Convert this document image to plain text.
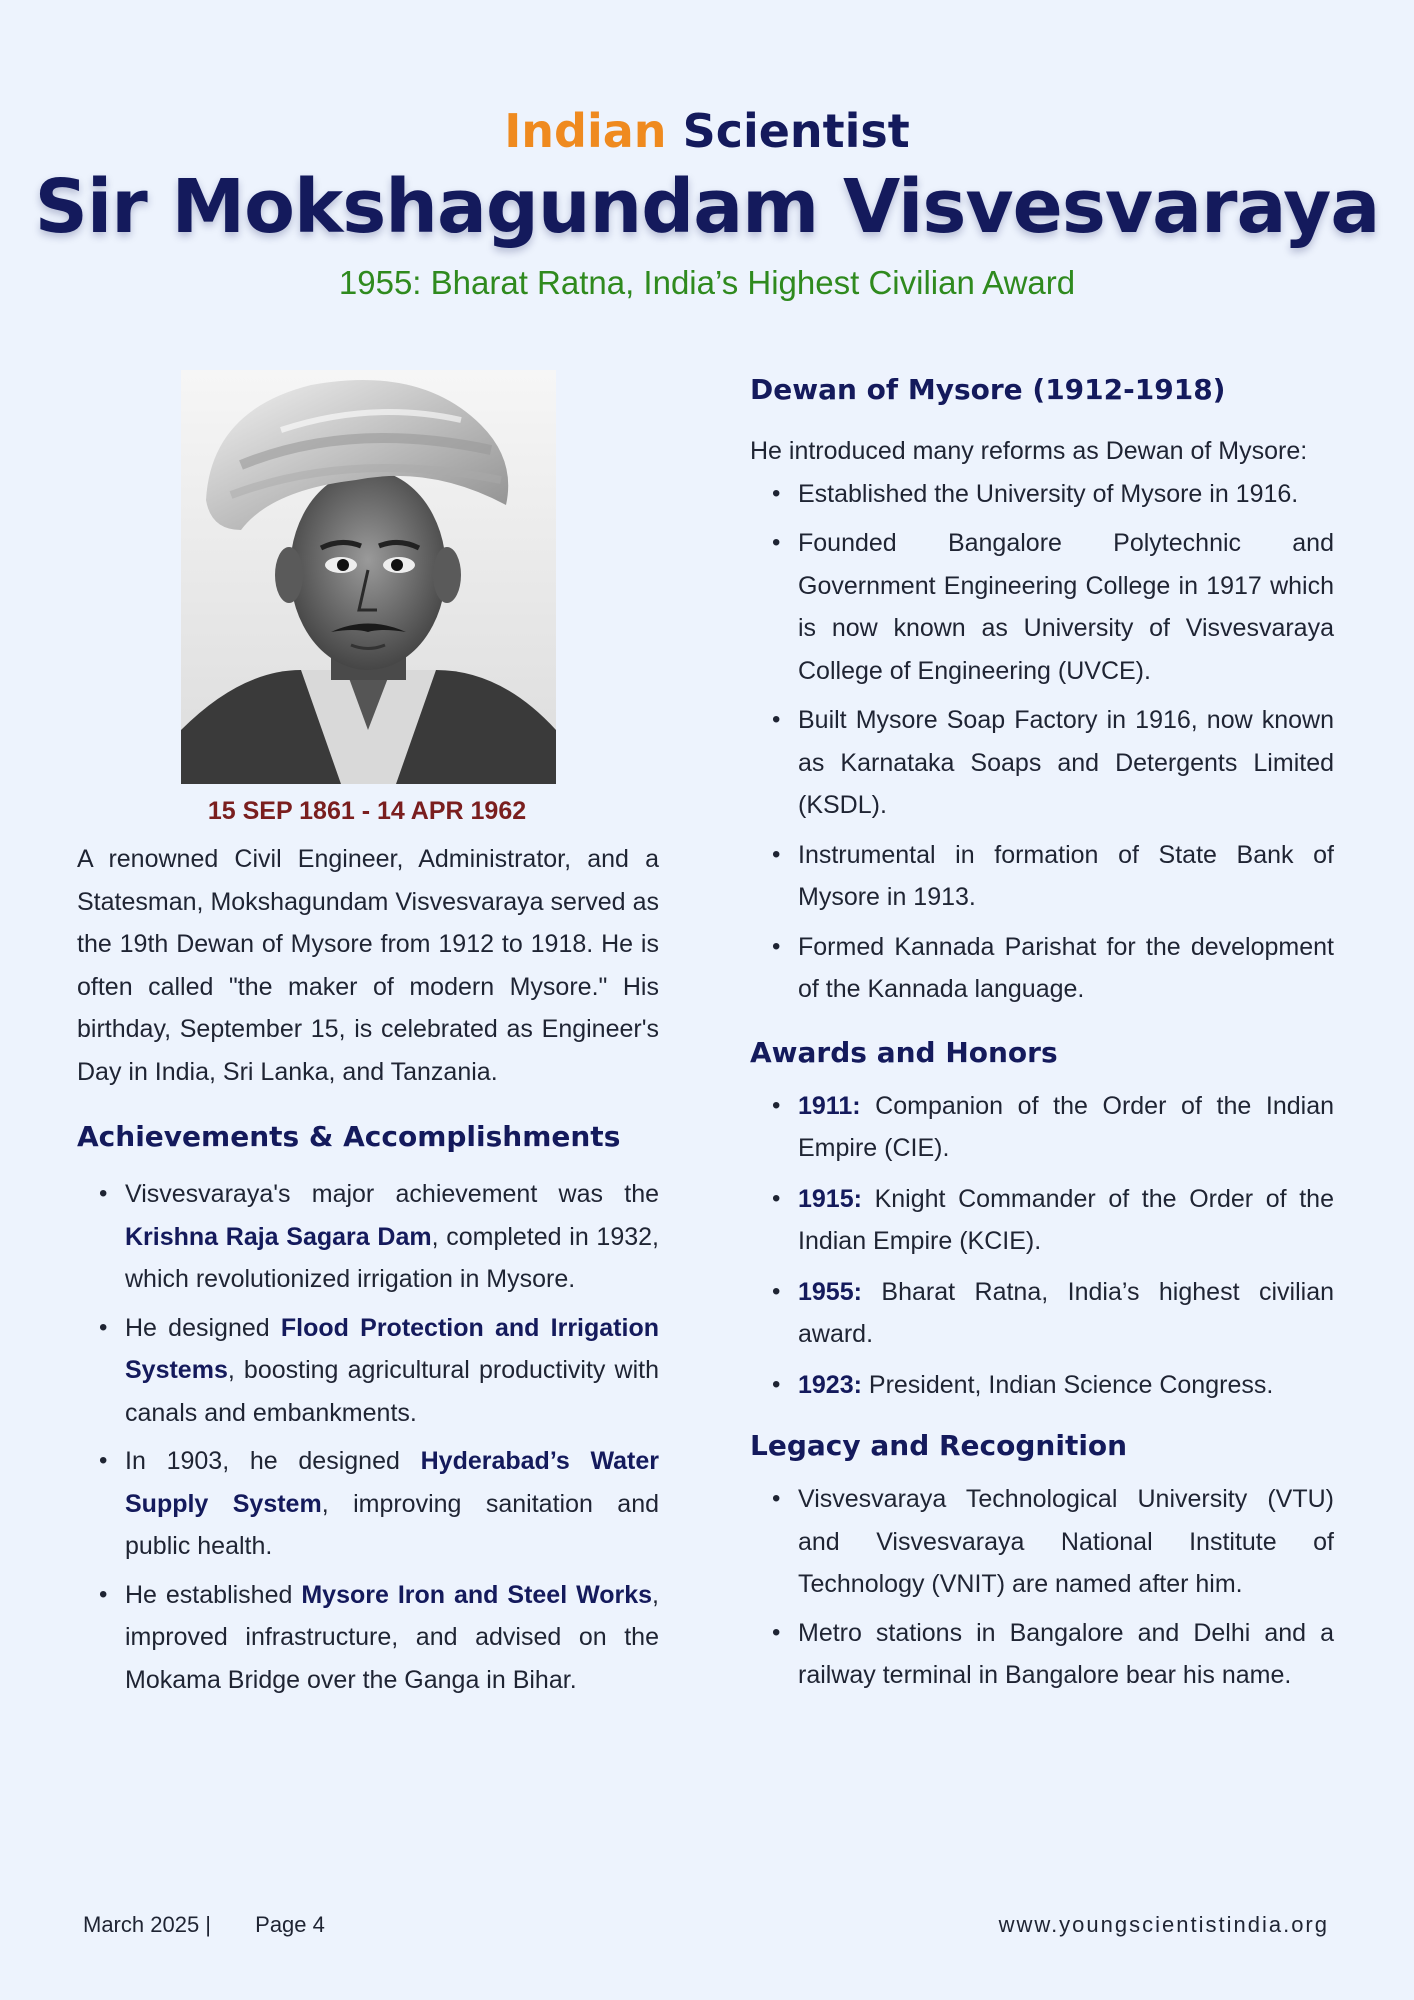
Indian Scientist
Sir Mokshagundam Visvesvaraya
1955: Bharat Ratna, India’s Highest Civilian Award
15 SEP 1861 - 14 APR 1962

A renowned Civil Engineer, Administrator, and a Statesman, Mokshagundam Visvesvaraya served as the 19th Dewan of Mysore from 1912 to 1918. He is often called "the maker of modern Mysore." His birthday, September 15, is celebrated as Engineer's Day in India, Sri Lanka, and Tanzania.

Achievements & Accomplishments
• Visvesvaraya's major achievement was the Krishna Raja Sagara Dam, completed in 1932, which revolutionized irrigation in Mysore.
• He designed Flood Protection and Irrigation Systems, boosting agricultural productivity with canals and embankments.
• In 1903, he designed Hyderabad’s Water Supply System, improving sanitation and public health.
• He established Mysore Iron and Steel Works, improved infrastructure, and advised on the Mokama Bridge over the Ganga in Bihar.
Dewan of Mysore (1912-1918)

He introduced many reforms as Dewan of Mysore:

• Established the University of Mysore in 1916.
• Founded Bangalore Polytechnic and Government Engineering College in 1917 which is now known as University of Visvesvaraya College of Engineering (UVCE).
• Built Mysore Soap Factory in 1916, now known as Karnataka Soaps and Detergents Limited (KSDL).
• Instrumental in formation of State Bank of Mysore in 1913.
• Formed Kannada Parishat for the development of the Kannada language.
Awards and Honors
• 1911: Companion of the Order of the Indian Empire (CIE).
• 1915: Knight Commander of the Order of the Indian Empire (KCIE).
• 1955: Bharat Ratna, India’s highest civilian award.
• 1923: President, Indian Science Congress.
Legacy and Recognition
• Visvesvaraya Technological University (VTU) and Visvesvaraya National Institute of Technology (VNIT) are named after him.
• Metro stations in Bangalore and Delhi and a railway terminal in Bangalore bear his name.
March 2025 | Page 4	www.youngscientistindia.org
